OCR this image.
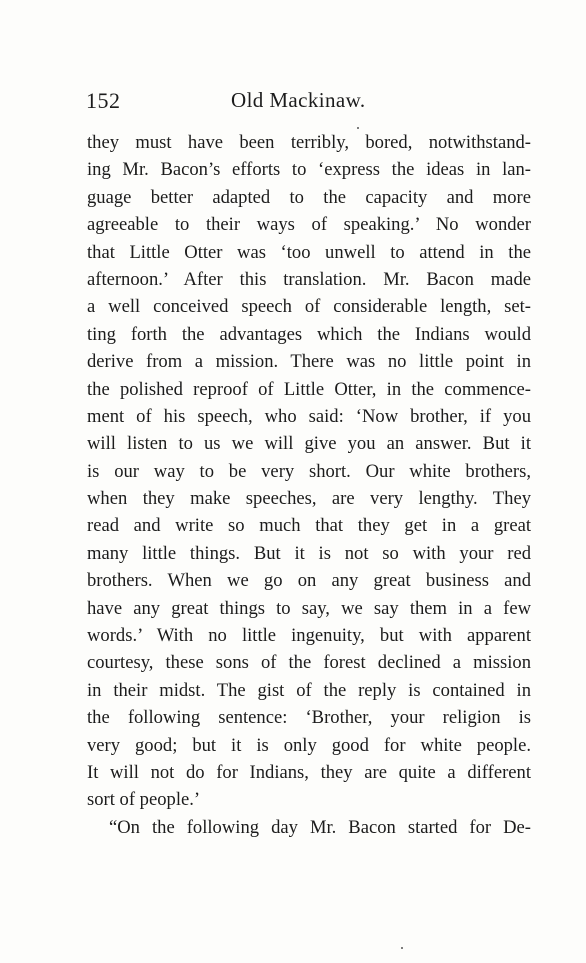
152	Old Mackinaw.
they must have been terribly, bored, notwithstand-
ing Mr. Bacon’s efforts to ‘express the ideas in lan-
guage better adapted to the capacity and more
agreeable to their ways of speaking.’ No wonder
that Little Otter was ‘too unwell to attend in the
afternoon.’ After this translation. Mr. Bacon made
a well conceived speech of considerable length, set-
ting forth the advantages which the Indians would
derive from a mission. There was no little point in
the polished reproof of Little Otter, in the commence-
ment of his speech, who said: ‘Now brother, if you
will listen to us we will give you an answer. But it
is our way to be very short. Our white brothers,
when they make speeches, are very lengthy. They
read and write so much that they get in a great
many little things. But it is not so with your red
brothers. When we go on any great business and
have any great things to say, we say them in a few
words.’ With no little ingenuity, but with apparent
courtesy, these sons of the forest declined a mission
in their midst. The gist of the reply is contained in
the following sentence: ‘Brother, your religion is
very good; but it is only good for white people.
It will not do for Indians, they are quite a different
sort of people.’
“On the following day Mr. Bacon started for De-
